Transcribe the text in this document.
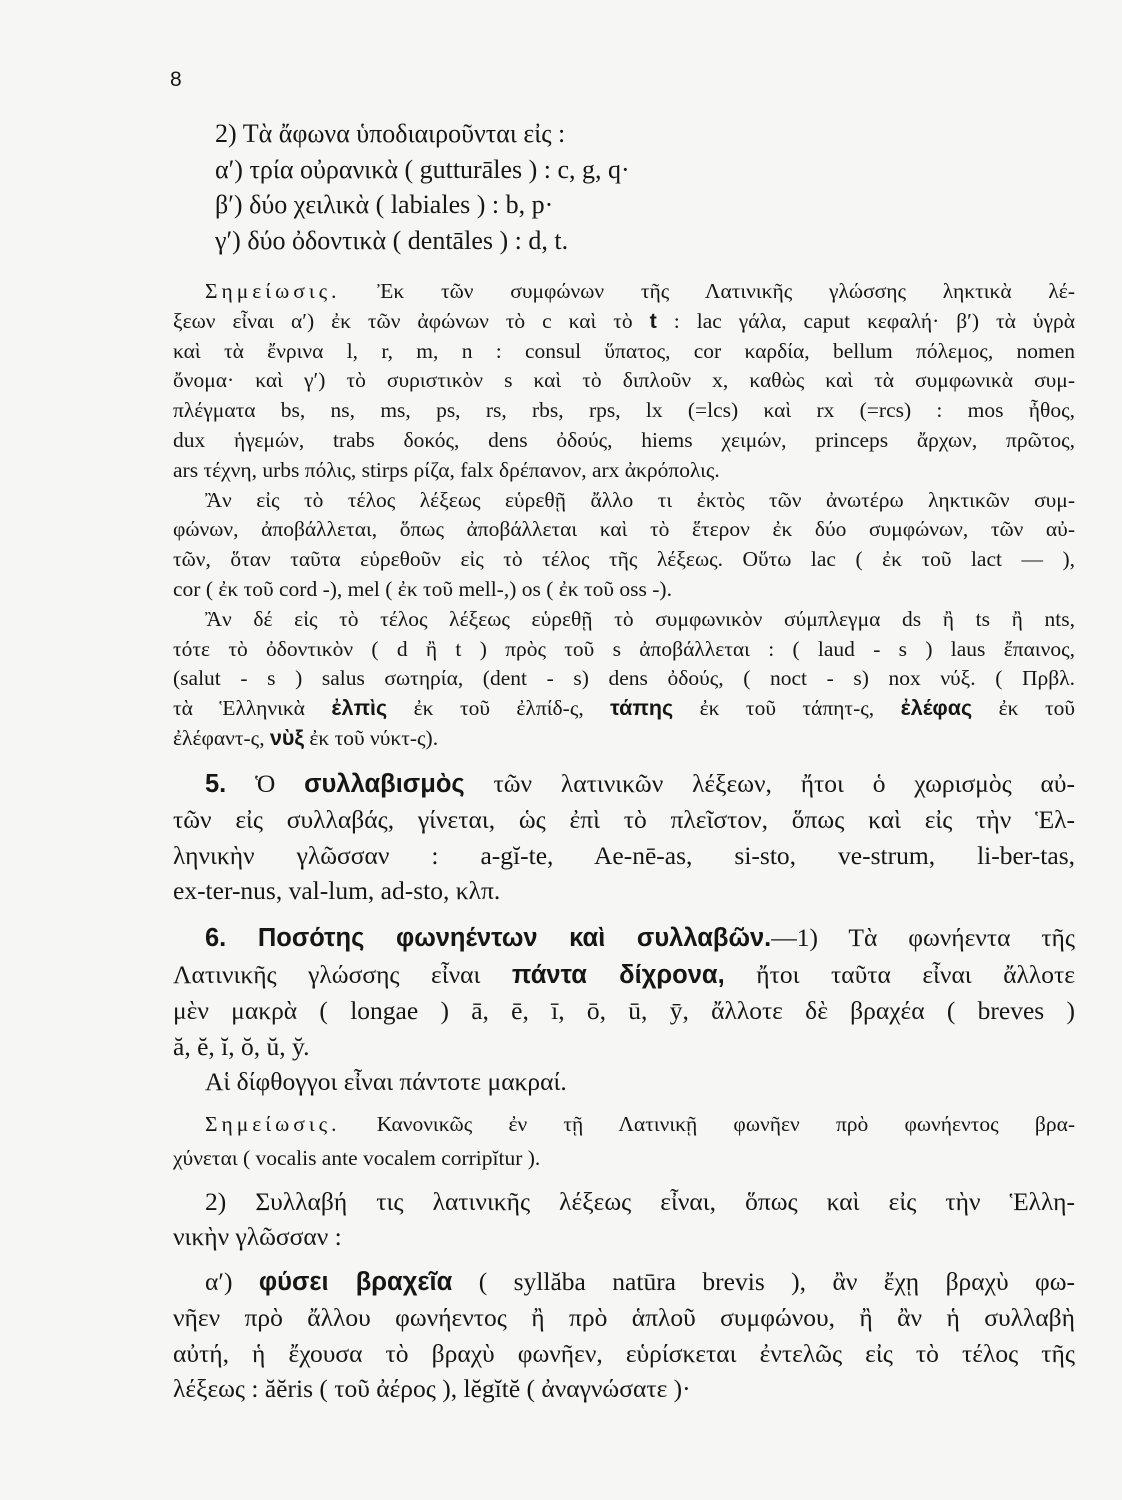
8
2) Τὰ ἄφωνα ὑποδιαιροῦνται εἰς :
α′) τρία οὐρανικὰ ( gutturāles ) : c, g, q·
β′) δύο χειλικὰ ( labiales ) : b, p·
γ′) δύο ὀδοντικὰ ( dentāles ) : d, t.
Σημείωσις. Ἐκ τῶν συμφώνων τῆς Λατινικῆς γλώσσης ληκτικὰ λέ-
ξεων εἶναι α′) ἐκ τῶν ἀφώνων τὸ c καὶ τὸ t : lac γάλα, caput κεφαλή· β′) τὰ ὑγρὰ
καὶ τὰ ἔνρινα l, r, m, n : consul ὕπατος, cor καρδία, bellum πόλεμος, nomen
ὄνομα· καὶ γ′) τὸ συριστικὸν s καὶ τὸ διπλοῦν x, καθὼς καὶ τὰ συμφωνικὰ συμ-
πλέγματα bs, ns, ms, ps, rs, rbs, rps, lx (=lcs) καὶ rx (=rcs) : mos ἦθος,
dux ἡγεμών, trabs δοκός, dens ὀδούς, hiems χειμών, princeps ἄρχων, πρῶτος,
ars τέχνη, urbs πόλις, stirps ρίζα, falx δρέπανον, arx ἀκρόπολις.
Ἂν εἰς τὸ τέλος λέξεως εὑρεθῇ ἄλλο τι ἐκτὸς τῶν ἀνωτέρω ληκτικῶν συμ-
φώνων, ἀποβάλλεται, ὅπως ἀποβάλλεται καὶ τὸ ἕτερον ἐκ δύο συμφώνων, τῶν αὐ-
τῶν, ὅταν ταῦτα εὑρεθοῦν εἰς τὸ τέλος τῆς λέξεως. Οὕτω lac ( ἐκ τοῦ lact — ),
cor ( ἐκ τοῦ cord -), mel ( ἐκ τοῦ mell-,) os ( ἐκ τοῦ oss -).
Ἂν δέ εἰς τὸ τέλος λέξεως εὑρεθῇ τὸ συμφωνικὸν σύμπλεγμα ds ἢ ts ἢ nts,
τότε τὸ ὀδοντικὸν ( d ἢ t ) πρὸς τοῦ s ἀποβάλλεται : ( laud - s ) laus ἔπαινος,
(salut - s ) salus σωτηρία, (dent - s) dens ὀδούς, ( noct - s) nox νύξ. ( Πρβλ.
τὰ Ἑλληνικὰ ἐλπὶς ἐκ τοῦ ἐλπίδ-ς, τάπης ἐκ τοῦ τάπητ-ς, ἐλέφας ἐκ τοῦ
ἐλέφαντ-ς, νὺξ ἐκ τοῦ νύκτ-ς).
5. Ὁ συλλαβισμὸς τῶν λατινικῶν λέξεων, ἤτοι ὁ χωρισμὸς αὐ-
τῶν εἰς συλλαβάς, γίνεται, ὡς ἐπὶ τὸ πλεῖστον, ὅπως καὶ εἰς τὴν Ἑλ-
ληνικὴν γλῶσσαν : a-gĭ-te, Ae-nē-as, si-sto, ve-strum, li-ber-tas,
ex-ter-nus, val-lum, ad-sto, κλπ.
6. Ποσότης φωνηέντων καὶ συλλαβῶν.—1) Τὰ φωνήεντα τῆς
Λατινικῆς γλώσσης εἶναι πάντα δίχρονα, ἤτοι ταῦτα εἶναι ἄλλοτε
μὲν μακρὰ ( longae ) ā, ē, ī, ō, ū, ȳ, ἄλλοτε δὲ βραχέα ( breves )
ă, ĕ, ĭ, ŏ, ŭ, y̆.
Αἱ δίφθογγοι εἶναι πάντοτε μακραί.
Σημείωσις. Κανονικῶς ἐν τῇ Λατινικῇ φωνῆεν πρὸ φωνήεντος βρα-
χύνεται ( vocalis ante vocalem corripĭtur ).
2) Συλλαβή τις λατινικῆς λέξεως εἶναι, ὅπως καὶ εἰς τὴν Ἑλλη-
νικὴν γλῶσσαν :
α′) φύσει βραχεῖα ( syllăba natūra brevis ), ἂν ἔχῃ βραχὺ φω-
νῆεν πρὸ ἄλλου φωνήεντος ἢ πρὸ ἁπλοῦ συμφώνου, ἢ ἂν ἡ συλλαβὴ
αὐτή, ἡ ἔχουσα τὸ βραχὺ φωνῆεν, εὑρίσκεται ἐντελῶς εἰς τὸ τέλος τῆς
λέξεως : ăĕris ( τοῦ ἀέρος ), lĕgĭtĕ ( ἀναγνώσατε )·
